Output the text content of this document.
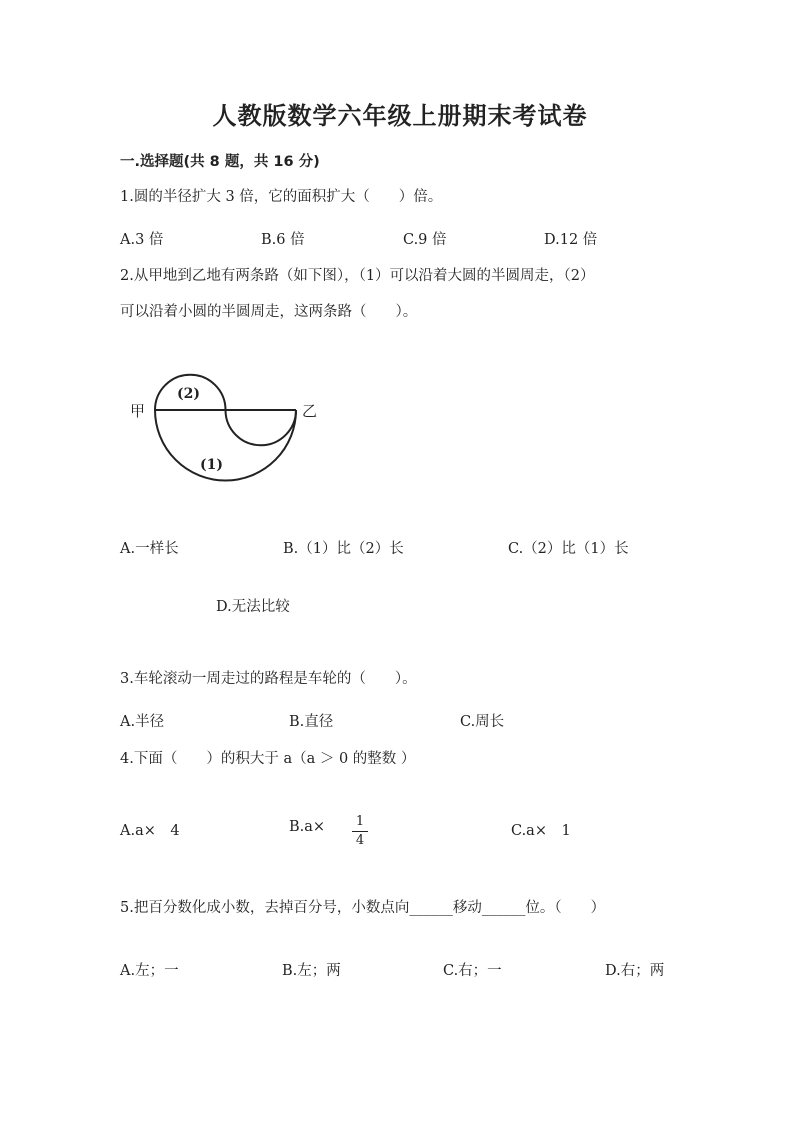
人教版数学六年级上册期末考试卷
一.选择题(共 8 题，共 16 分)
1.圆的半径扩大 3 倍，它的面积扩大（　　）倍。
A.3 倍	B.6 倍	C.9 倍	D.12 倍
2.从甲地到乙地有两条路（如下图），（1）可以沿着大圆的半圆周走，（2）
可以沿着小圆的半圆周走，这两条路（　　）。
甲	乙
(2)
(1)
A.一样长	B.（1）比（2）长	C.（2）比（1）长
D.无法比较
3.车轮滚动一周走过的路程是车轮的（　　）。
A.半径	B.直径	C.周长
4.下面（　　）的积大于 a（a ＞ 0 的整数 ）
A.a×　4	B.a× 1
4
C.a×　1
5.把百分数化成小数，去掉百分号，小数点向______移动______位。（　　）
A.左；一	B.左；两	C.右；一	D.右；两
